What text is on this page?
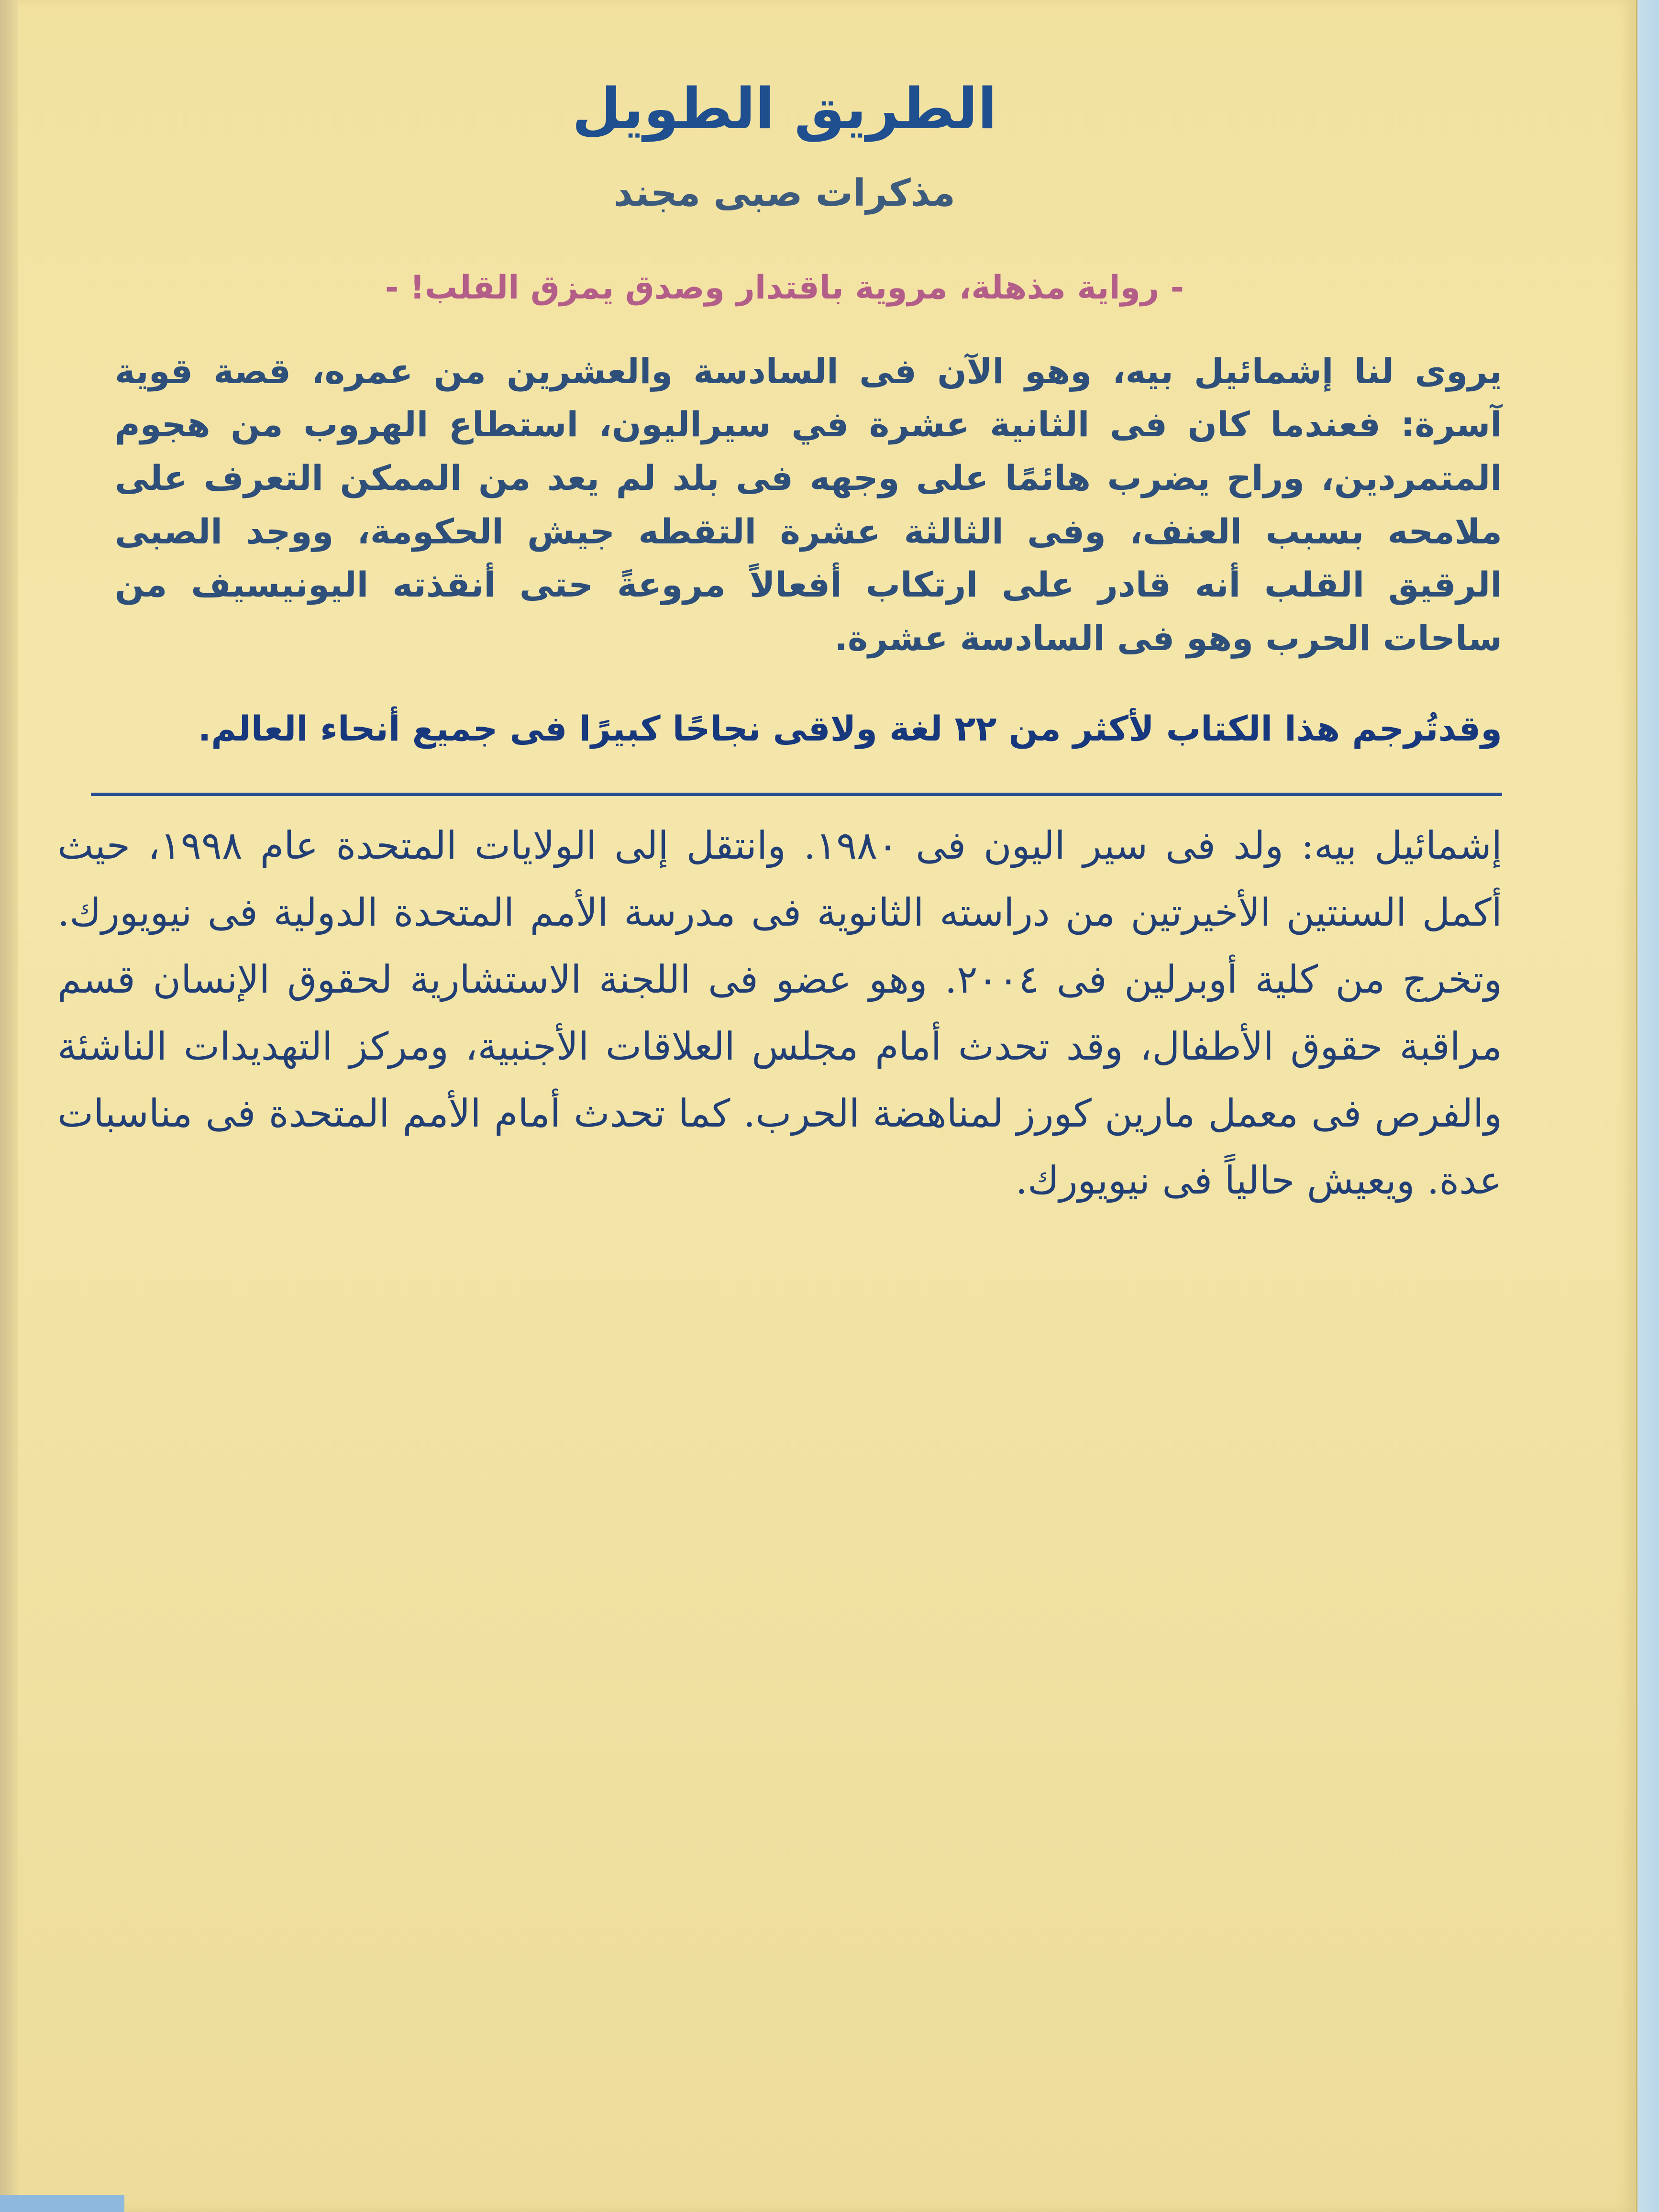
الطريق الطويل
مذكرات صبى مجند
- رواية مذهلة، مروية باقتدار وصدق يمزق القلب! -

يروى لنا إشمائيل بيه، وهو الآن فى السادسة والعشرين من عمره، قصة قوية آسرة: فعندما كان فى الثانية عشرة في سيراليون، استطاع الهروب من هجوم المتمردين، وراح يضرب هائمًا على وجهه فى بلد لم يعد من الممكن التعرف على ملامحه بسبب العنف، وفى الثالثة عشرة التقطه جيش الحكومة، ووجد الصبى الرقيق القلب أنه قادر على ارتكاب أفعالاً مروعةً حتى أنقذته اليونيسيف من ساحات الحرب وهو فى السادسة عشرة.

وقدتُرجم هذا الكتاب لأكثر من ٢٢ لغة ولاقى نجاحًا كبيرًا فى جميع أنحاء العالم.

إشمائيل بيه: ولد فى سير اليون فى ١٩٨٠. وانتقل إلى الولايات المتحدة عام ١٩٩٨، حيث أكمل السنتين الأخيرتين من دراسته الثانوية فى مدرسة الأمم المتحدة الدولية فى نيويورك. وتخرج من كلية أوبرلين فى ٢٠٠٤. وهو عضو فى اللجنة الاستشارية لحقوق الإنسان قسم مراقبة حقوق الأطفال، وقد تحدث أمام مجلس العلاقات الأجنبية، ومركز التهديدات الناشئة والفرص فى معمل مارين كورز لمناهضة الحرب. كما تحدث أمام الأمم المتحدة فى مناسبات عدة. ويعيش حالياً فى نيويورك.
